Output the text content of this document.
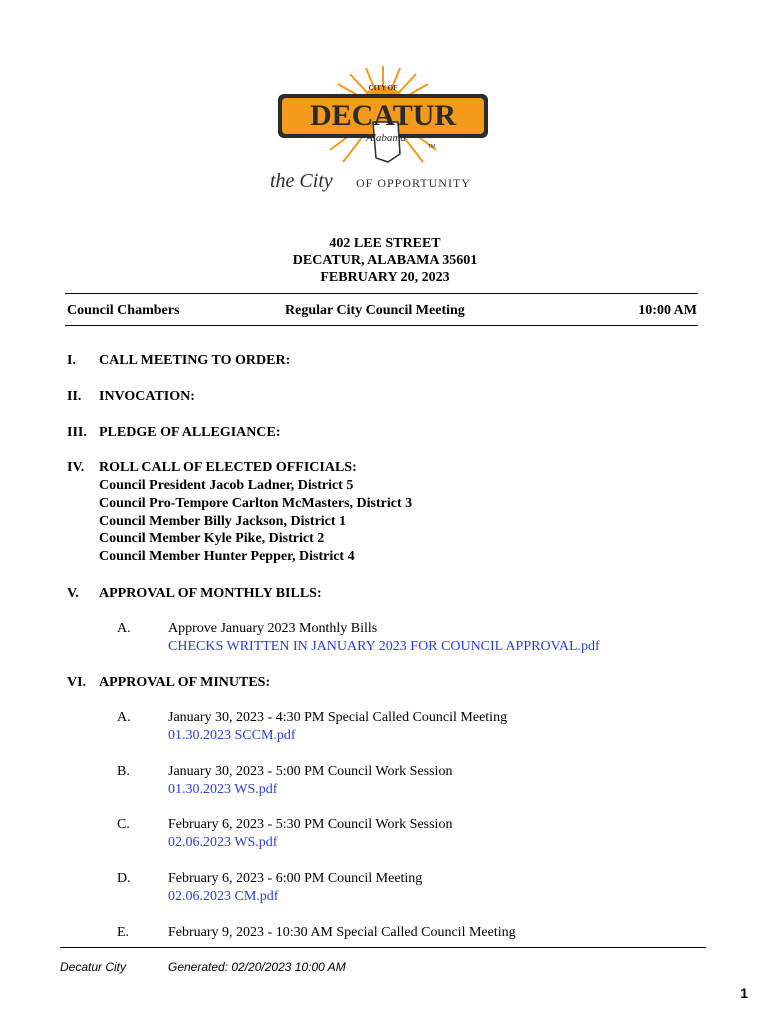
CITY OF
DECATUR
Alabama
TM
the City OF OPPORTUNITY
402 LEE STREET
DECATUR, ALABAMA 35601
FEBRUARY 20, 2023
Council Chambers	Regular City Council Meeting	10:00 AM
I. CALL MEETING TO ORDER:
II. INVOCATION:
III. PLEDGE OF ALLEGIANCE:
IV. ROLL CALL OF ELECTED OFFICIALS:
Council President Jacob Ladner, District 5
Council Pro-Tempore Carlton McMasters, District 3
Council Member Billy Jackson, District 1
Council Member Kyle Pike, District 2
Council Member Hunter Pepper, District 4
V. APPROVAL OF MONTHLY BILLS:
A.	Approve January 2023 Monthly Bills
CHECKS WRITTEN IN JANUARY 2023 FOR COUNCIL APPROVAL.pdf
VI. APPROVAL OF MINUTES:
A.	January 30, 2023 - 4:30 PM Special Called Council Meeting
01.30.2023 SCCM.pdf
B.	January 30, 2023 - 5:00 PM Council Work Session
01.30.2023 WS.pdf
C.	February 6, 2023 - 5:30 PM Council Work Session
02.06.2023 WS.pdf
D.	February 6, 2023 - 6:00 PM Council Meeting
02.06.2023 CM.pdf
E.	February 9, 2023 - 10:30 AM Special Called Council Meeting
Decatur City	Generated: 02/20/2023 10:00 AM
1
